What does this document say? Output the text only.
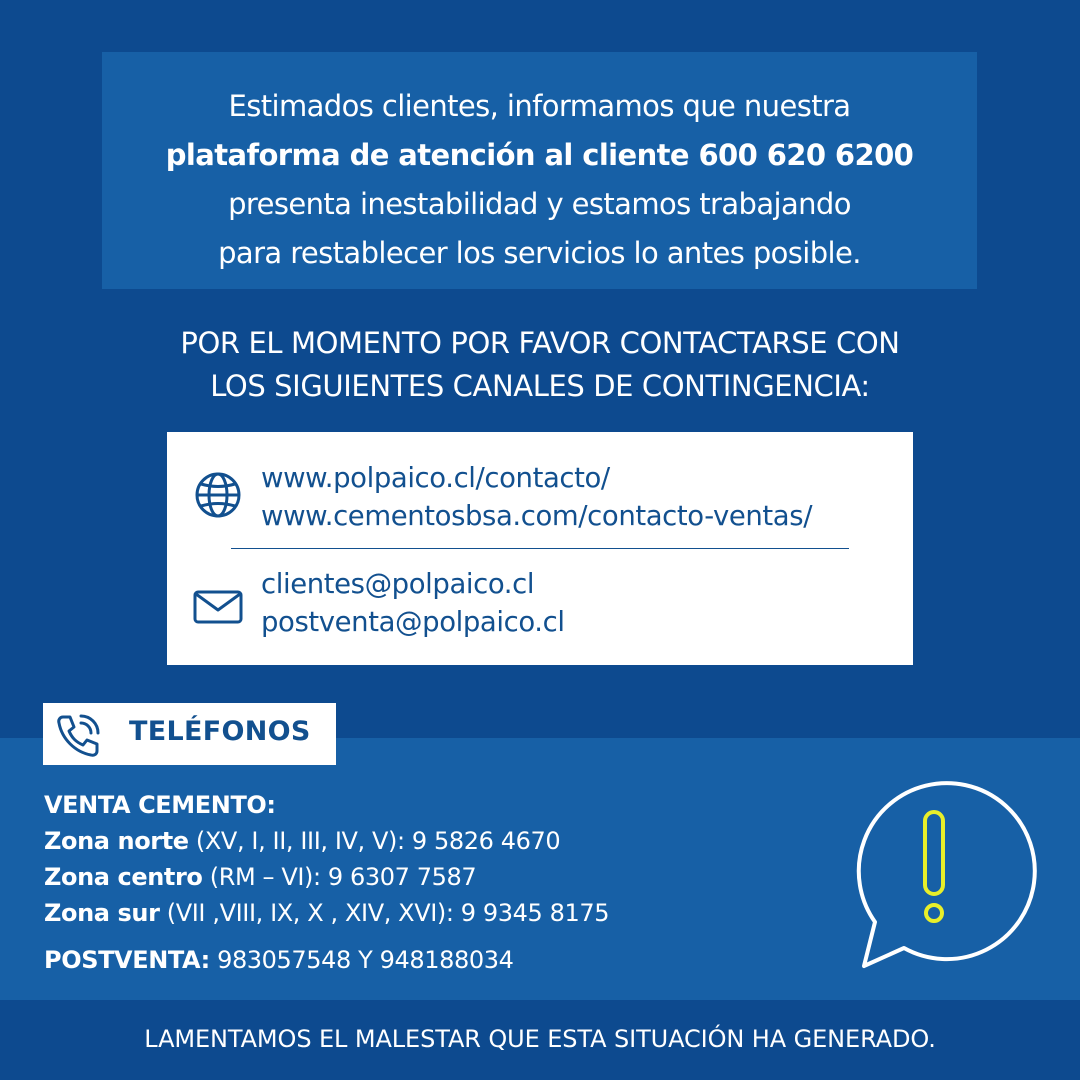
Estimados clientes, informamos que nuestra
plataforma de atención al cliente 600 620 6200
presenta inestabilidad y estamos trabajando
para restablecer los servicios lo antes posible.
POR EL MOMENTO POR FAVOR CONTACTARSE CON
LOS SIGUIENTES CANALES DE CONTINGENCIA:
www.polpaico.cl/contacto/
www.cementosbsa.com/contacto-ventas/
clientes@polpaico.cl
postventa@polpaico.cl
TELÉFONOS
VENTA CEMENTO:
Zona norte (XV, I, II, III, IV, V): 9 5826 4670
Zona centro (RM – VI): 9 6307 7587
Zona sur (VII ,VIII, IX, X , XIV, XVI): 9 9345 8175
POSTVENTA: 983057548 Y 948188034
LAMENTAMOS EL MALESTAR QUE ESTA SITUACIÓN HA GENERADO.
